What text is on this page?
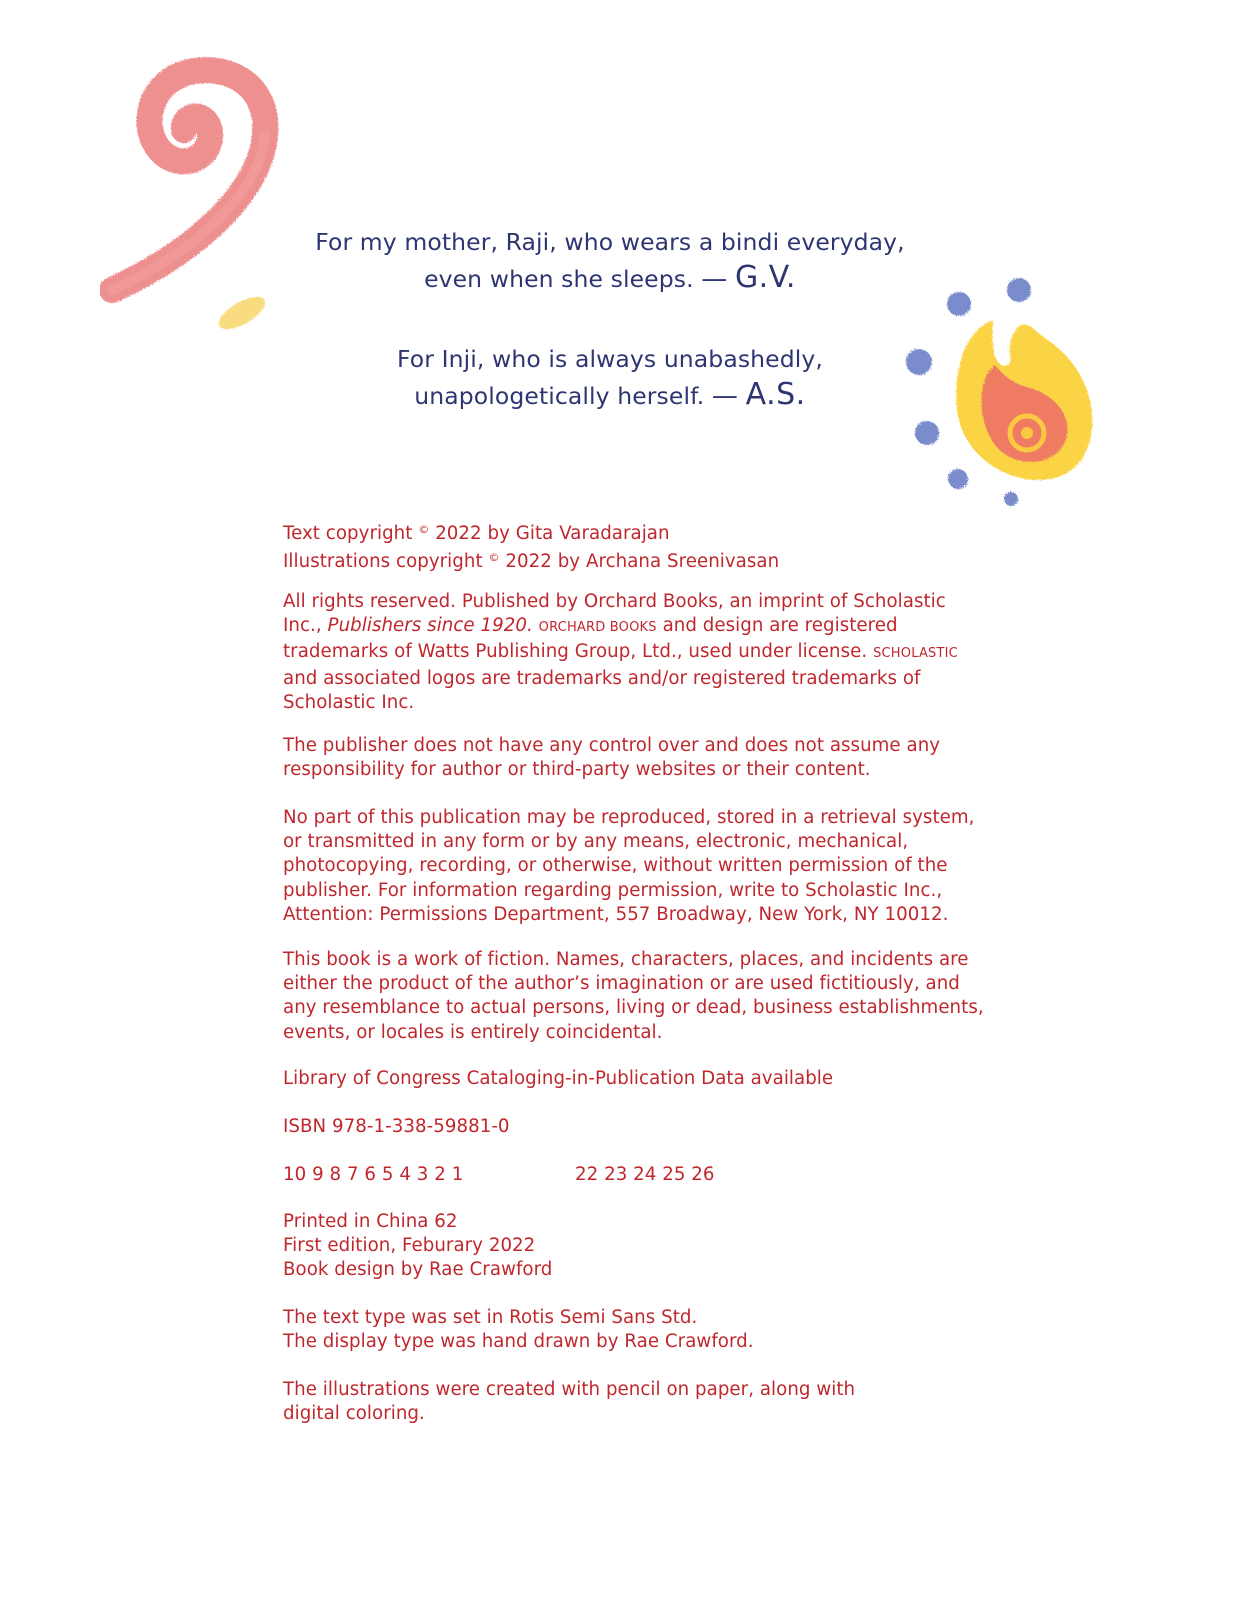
For my mother, Raji, who wears a bindi everyday,
even when she sleeps. — G.V.
For Inji, who is always unabashedly,
unapologetically herself. — A.S.
Text copyright © 2022 by Gita Varadarajan
Illustrations copyright © 2022 by Archana Sreenivasan
All rights reserved. Published by Orchard Books, an imprint of Scholastic
Inc., Publishers since 1920. ORCHARD BOOKS and design are registered
trademarks of Watts Publishing Group, Ltd., used under license. SCHOLASTIC
and associated logos are trademarks and/or registered trademarks of
Scholastic Inc.
The publisher does not have any control over and does not assume any
responsibility for author or third-party websites or their content.
No part of this publication may be reproduced, stored in a retrieval system,
or transmitted in any form or by any means, electronic, mechanical,
photocopying, recording, or otherwise, without written permission of the
publisher. For information regarding permission, write to Scholastic Inc.,
Attention: Permissions Department, 557 Broadway, New York, NY 10012.
This book is a work of fiction. Names, characters, places, and incidents are
either the product of the author’s imagination or are used fictitiously, and
any resemblance to actual persons, living or dead, business establishments,
events, or locales is entirely coincidental.
Library of Congress Cataloging-in-Publication Data available
ISBN 978-1-338-59881-0
10 9 8 7 6 5 4 3 2 1	22 23 24 25 26
Printed in China 62
First edition, Feburary 2022
Book design by Rae Crawford
The text type was set in Rotis Semi Sans Std.
The display type was hand drawn by Rae Crawford.
The illustrations were created with pencil on paper, along with
digital coloring.
